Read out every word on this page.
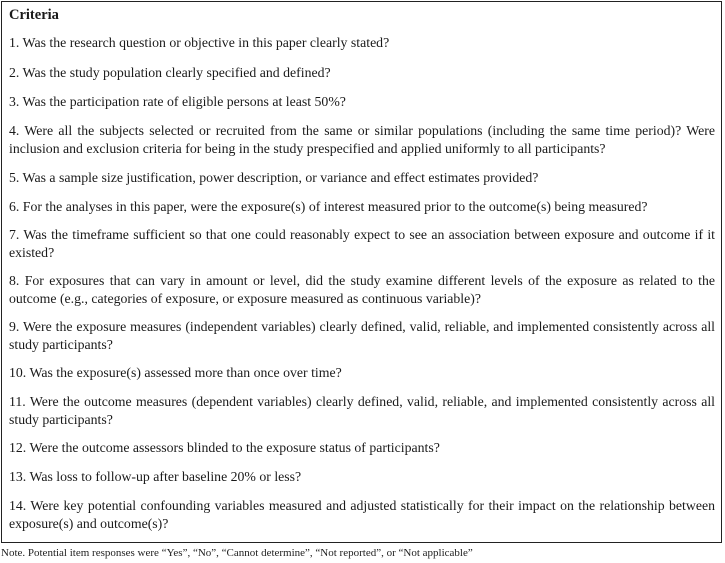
Criteria
1. Was the research question or objective in this paper clearly stated?
2. Was the study population clearly specified and defined?
3. Was the participation rate of eligible persons at least 50%?
4. Were all the subjects selected or recruited from the same or similar populations (including the same time period)? Were inclusion and exclusion criteria for being in the study prespecified and applied uniformly to all participants?
5. Was a sample size justification, power description, or variance and effect estimates provided?
6. For the analyses in this paper, were the exposure(s) of interest measured prior to the outcome(s) being measured?
7. Was the timeframe sufficient so that one could reasonably expect to see an association between exposure and outcome if it existed?
8. For exposures that can vary in amount or level, did the study examine different levels of the exposure as related to the outcome (e.g., categories of exposure, or exposure measured as continuous variable)?
9. Were the exposure measures (independent variables) clearly defined, valid, reliable, and implemented consistently across all study participants?
10. Was the exposure(s) assessed more than once over time?
11. Were the outcome measures (dependent variables) clearly defined, valid, reliable, and implemented consistently across all study participants?
12. Were the outcome assessors blinded to the exposure status of participants?
13. Was loss to follow-up after baseline 20% or less?
14. Were key potential confounding variables measured and adjusted statistically for their impact on the relationship between exposure(s) and outcome(s)?
Note. Potential item responses were “Yes”, “No”, “Cannot determine”, “Not reported”, or “Not applicable”
